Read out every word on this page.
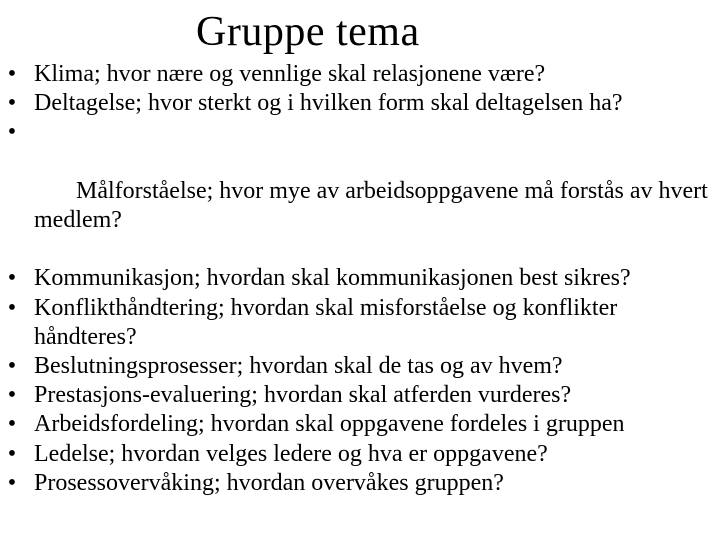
Gruppe tema
• Klima; hvor nære og vennlige skal relasjonene være?
• Deltagelse; hvor sterkt og i hvilken form skal deltagelsen ha?

•

Målforståelse; hvor mye av arbeidsoppgavene må forstås av hvert medlem?

• Kommunikasjon; hvordan skal kommunikasjonen best sikres?
• Konflikthåndtering; hvordan skal misforståelse og konflikter håndteres?
• Beslutningsprosesser; hvordan skal de tas og av hvem?
• Prestasjons-evaluering; hvordan skal atferden vurderes?
• Arbeidsfordeling; hvordan skal oppgavene fordeles i gruppen
• Ledelse; hvordan velges ledere og hva er oppgavene?
• Prosessovervåking; hvordan overvåkes gruppen?
